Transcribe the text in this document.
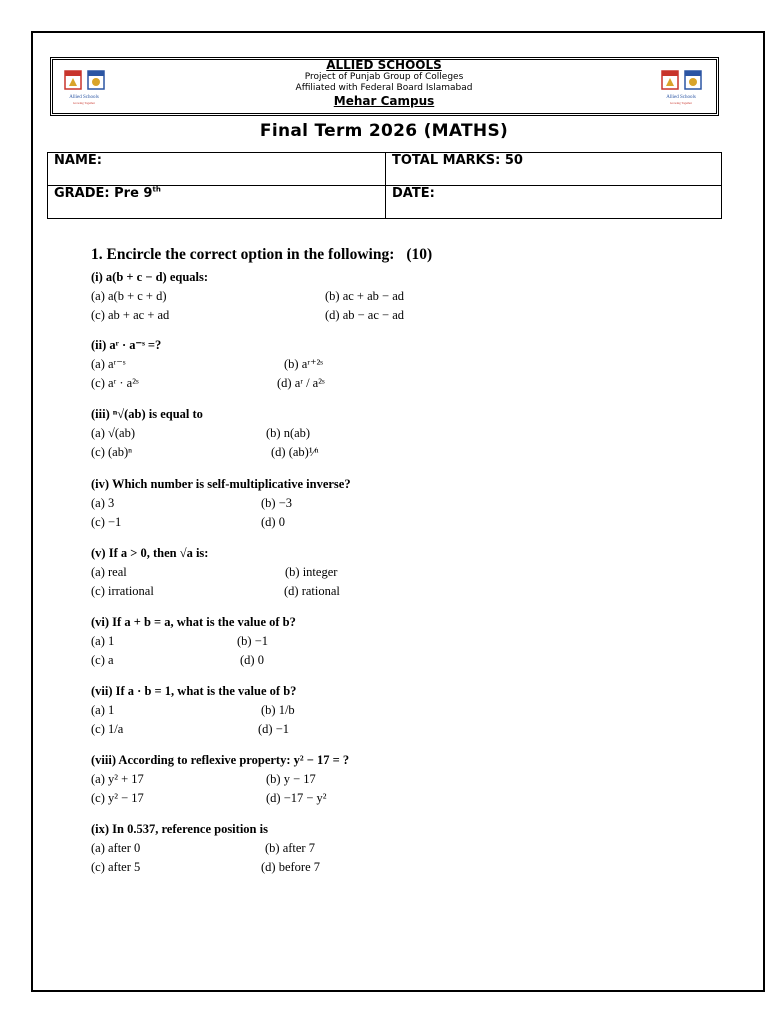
Allied Schools
Growing Together
Allied Schools
Growing Together
ALLIED SCHOOLS
Project of Punjab Group of Colleges
Affiliated with Federal Board Islamabad
Mehar Campus
Final Term 2026 (MATHS)
NAME:	TOTAL MARKS: 50
GRADE: Pre 9th	DATE:
1. Encircle the correct option in the following: (10)
(i) a(b + c − d) equals:
(a) a(b + c + d)	(b) ac + ab − ad
(c) ab + ac + ad	(d) ab − ac − ad
(ii) aʳ · a⁻ˢ =?
(a) aʳ⁻ˢ	(b) aʳ⁺²ˢ
(c) aʳ · a²ˢ	(d) aʳ / a²ˢ
(iii) ⁿ√(ab) is equal to
(a) √(ab)	(b) n(ab)
(c) (ab)ⁿ	(d) (ab)¹⁄ⁿ
(iv) Which number is self-multiplicative inverse?
(a) 3	(b) −3
(c) −1	(d) 0
(v) If a > 0, then √a is:
(a) real	(b) integer
(c) irrational	(d) rational
(vi) If a + b = a, what is the value of b?
(a) 1	(b) −1
(c) a	(d) 0
(vii) If a · b = 1, what is the value of b?
(a) 1	(b) 1/b
(c) 1/a	(d) −1
(viii) According to reflexive property: y² − 17 = ?
(a) y² + 17	(b) y − 17
(c) y² − 17	(d) −17 − y²
(ix) In 0.537, reference position is
(a) after 0	(b) after 7
(c) after 5	(d) before 7
